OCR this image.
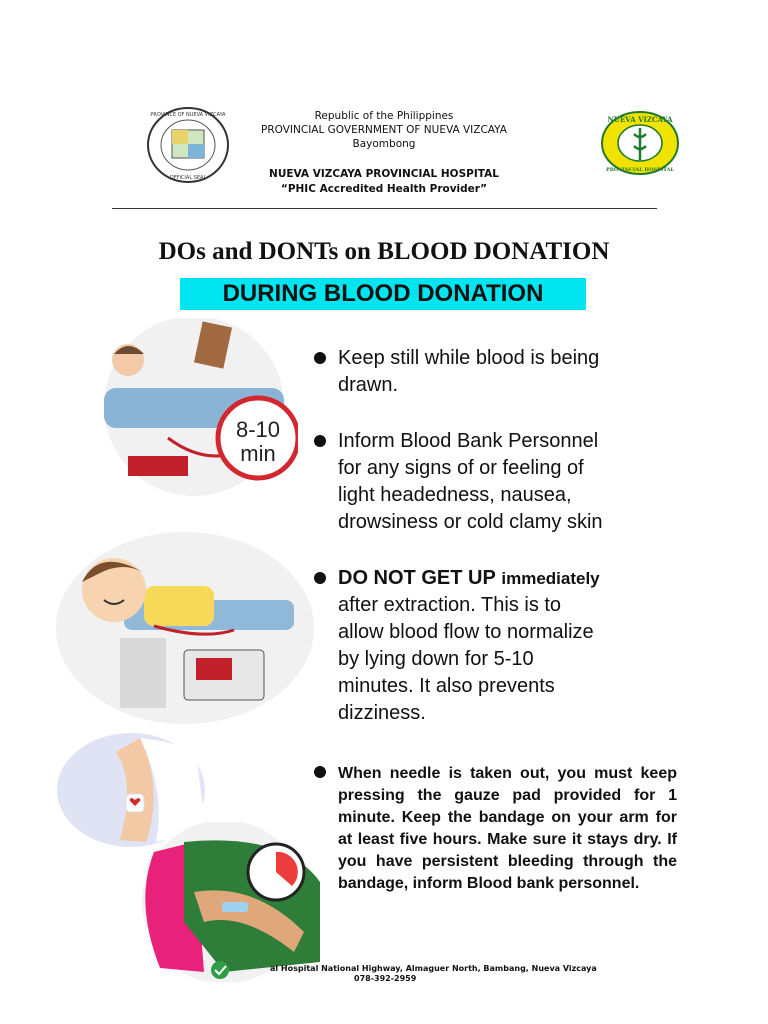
PROVINCE OF NUEVA VIZCAYA
OFFICIAL SEAL
NUEVA VIZCAYA
PROVINCIAL HOSPITAL
Republic of the Philippines
PROVINCIAL GOVERNMENT OF NUEVA VIZCAYA
Bayombong
NUEVA VIZCAYA PROVINCIAL HOSPITAL
“PHIC Accredited Health Provider”
DOs and DONTs on BLOOD DONATION
DURING BLOOD DONATION
8-10 min
Keep still while blood is being
drawn.
Inform Blood Bank Personnel
for any signs of or feeling of
light headedness, nausea,
drowsiness or cold clamy skin
DO NOT GET UP immediately
after extraction. This is to
allow blood flow to normalize
by lying down for 5-10
minutes. It also prevents
dizziness.
When needle is taken out, you must keep pressing the gauze pad provided for 1 minute. Keep the bandage on your arm for at least five hours. Make sure it stays dry. If you have persistent bleeding through the bandage, inform Blood bank personnel.
al Hospital National Highway, Almaguer North, Bambang, Nueva Vizcaya
078-392-2959
